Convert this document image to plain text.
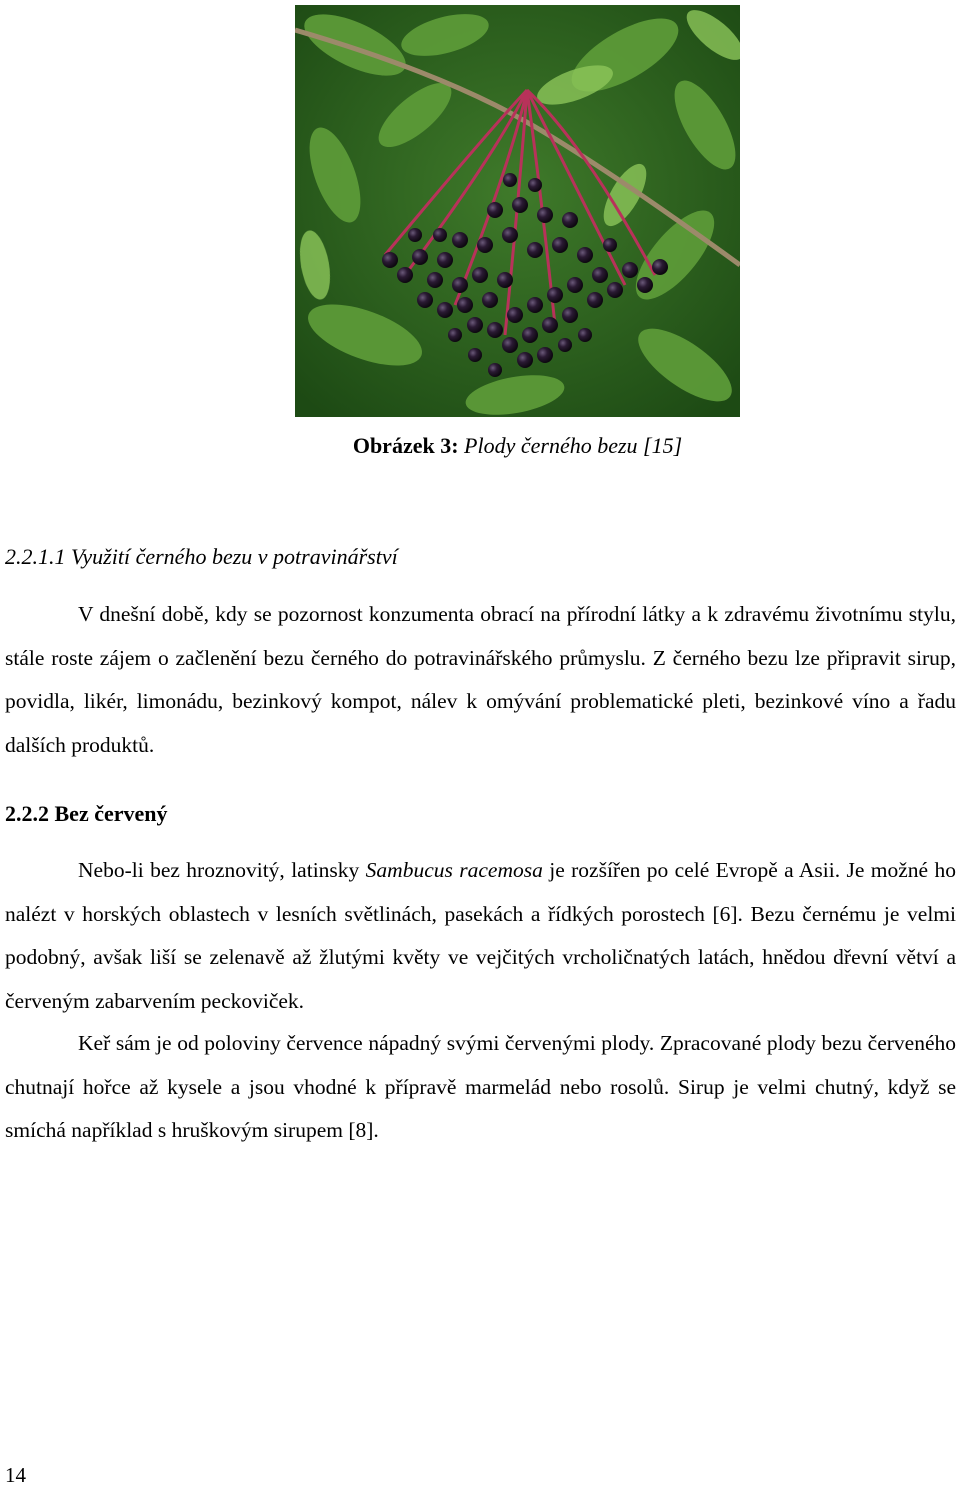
Obrázek 3: Plody černého bezu [15]
2.2.1.1 Využití černého bezu v potravinářství

V dnešní době, kdy se pozornost konzumenta obrací na přírodní látky a k zdravému životnímu stylu, stále roste zájem o začlenění bezu černého do potravinářského průmyslu. Z černého bezu lze připravit sirup, povidla, likér, limonádu, bezinkový kompot, nálev k omývání problematické pleti, bezinkové víno a řadu dalších produktů.

2.2.2 Bez červený

Nebo-li bez hroznovitý, latinsky Sambucus racemosa je rozšířen po celé Evropě a Asii. Je možné ho nalézt v horských oblastech v lesních světlinách, pasekách a řídkých porostech [6]. Bezu černému je velmi podobný, avšak liší se zelenavě až žlutými květy ve vejčitých vrcholičnatých latách, hnědou dřevní větví a červeným zabarvením peckoviček.

Keř sám je od poloviny července nápadný svými červenými plody. Zpracované plody bezu červeného chutnají hořce až kysele a jsou vhodné k přípravě marmelád nebo rosolů. Sirup je velmi chutný, když se smíchá například s hruškovým sirupem [8].

14
